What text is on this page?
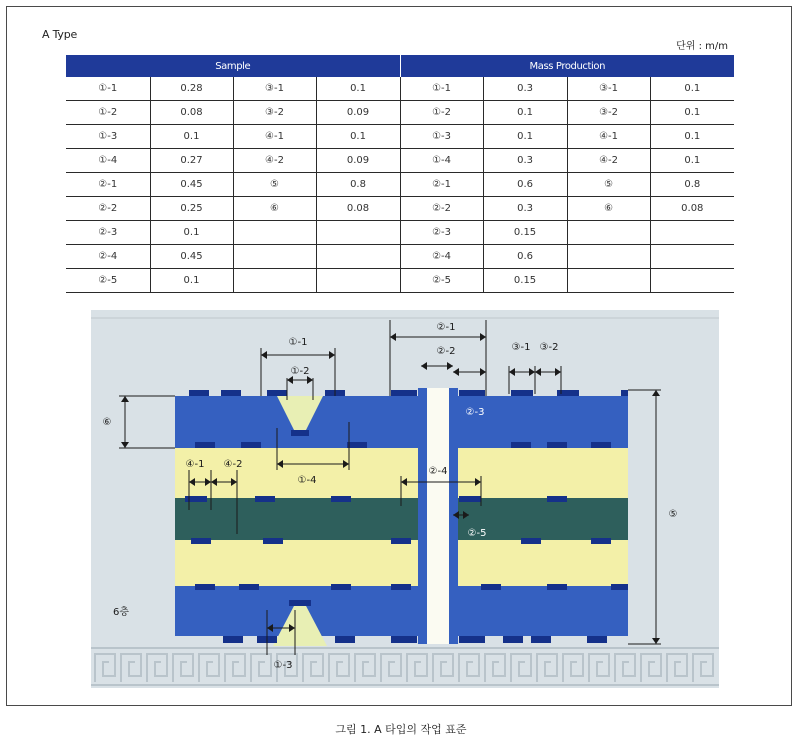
A Type
단위 : m/m
Sample				Mass Production			
①-1	0.28	③-1	0.1	①-1	0.3	③-1	0.1
①-2	0.08	③-2	0.09	①-2	0.1	③-2	0.1
①-3	0.1	④-1	0.1	①-3	0.1	④-1	0.1
①-4	0.27	④-2	0.09	①-4	0.3	④-2	0.1
②-1	0.45	⑤	0.8	②-1	0.6	⑤	0.8
②-2	0.25	⑥	0.08	②-2	0.3	⑥	0.08
②-3	0.1			②-3	0.15		
②-4	0.45			②-4	0.6		
②-5	0.1			②-5	0.15		
①-1
①-2
①-3
①-4
②-1
②-2
②-3
②-4
②-5
③-1 ③-2
④-1 ④-2
⑤
⑥
6층
그림 1. A 타입의 작업 표준
